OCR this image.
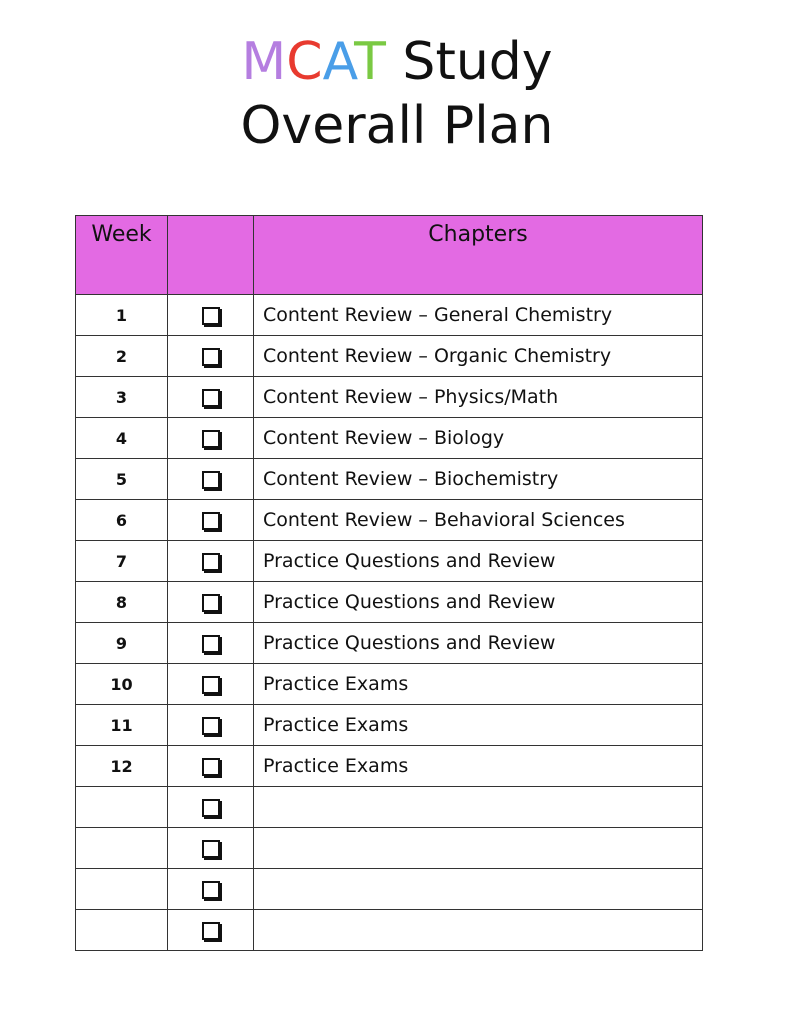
MCAT Study
Overall Plan
Week		Chapters
1		Content Review – General Chemistry
2		Content Review – Organic Chemistry
3		Content Review – Physics/Math
4		Content Review – Biology
5		Content Review – Biochemistry
6		Content Review – Behavioral Sciences
7		Practice Questions and Review
8		Practice Questions and Review
9		Practice Questions and Review
10		Practice Exams
11		Practice Exams
12		Practice Exams
